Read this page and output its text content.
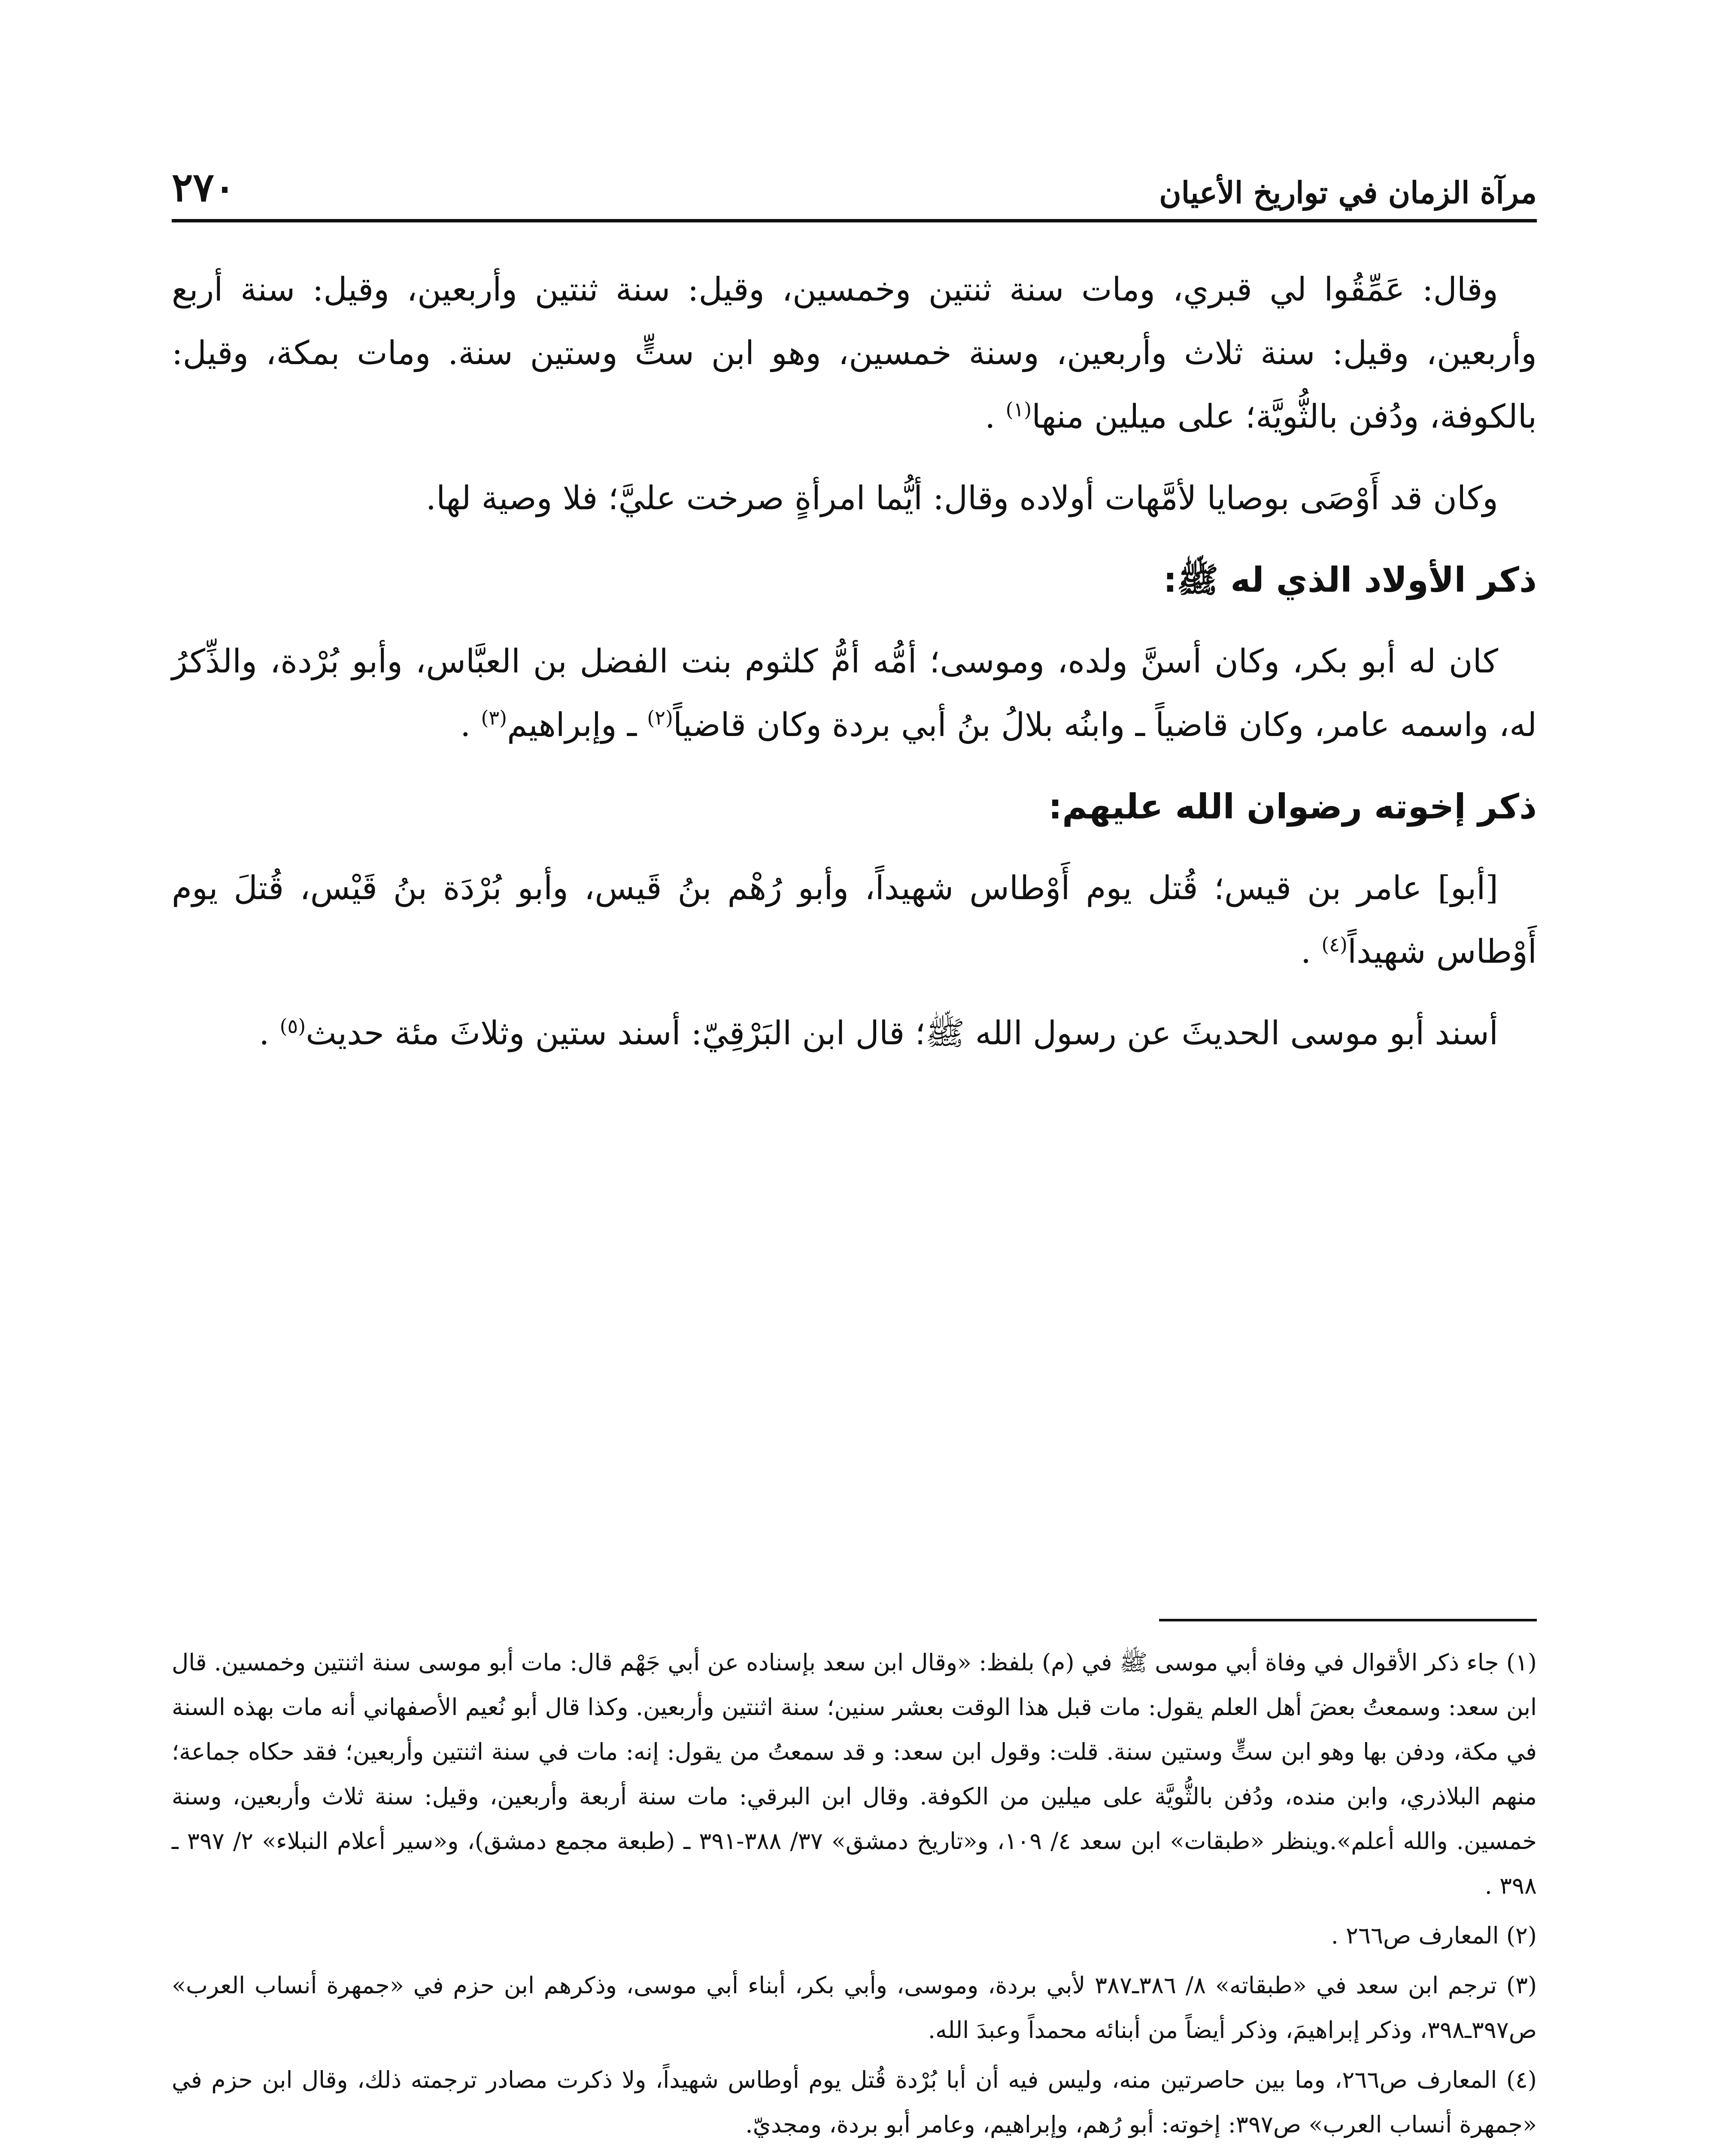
مرآة الزمان في تواريخ الأعيان
٢٧٠

وقال: عَمِّقُوا لي قبري، ومات سنة ثنتين وخمسين، وقيل: سنة ثنتين وأربعين، وقيل: سنة أربع وأربعين، وقيل: سنة ثلاث وأربعين، وسنة خمسين، وهو ابن ستٍّ وستين سنة. ومات بمكة، وقيل: بالكوفة، ودُفن بالثُّويَّة؛ على ميلين منها$^{(١)}$ .

وكان قد أَوْصَى بوصايا لأمَّهات أولاده وقال: أيُّما امرأةٍ صرخت عليَّ؛ فلا وصية لها.

ذكر الأولاد الذي له ﷺ:

كان له أبو بكر، وكان أسنَّ ولده، وموسى؛ أمُّه أمُّ كلثوم بنت الفضل بن العبَّاس، وأبو بُرْدة، والذِّكرُ له، واسمه عامر، وكان قاضياً ـ وابنُه بلالُ بنُ أبي بردة وكان قاضياً$^{(٢)}$ ـ وإبراهيم$^{(٣)}$ .

ذكر إخوته رضوان الله عليهم:

[أبو] عامر بن قيس؛ قُتل يوم أَوْطاس شهيداً، وأبو رُهْم بنُ قَيس، وأبو بُرْدَة بنُ قَيْس، قُتلَ يوم أَوْطاس شهيداً$^{(٤)}$ .

أسند أبو موسى الحديثَ عن رسول الله ﷺ؛ قال ابن البَرْقِيّ: أسند ستين وثلاثَ مئة حديث$^{(٥)}$ .

(١) جاء ذكر الأقوال في وفاة أبي موسى ﷺ في (م) بلفظ: «وقال ابن سعد بإسناده عن أبي جَهْم قال: مات أبو موسى سنة اثنتين وخمسين. قال ابن سعد: وسمعتُ بعضَ أهل العلم يقول: مات قبل هذا الوقت بعشر سنين؛ سنة اثنتين وأربعين. وكذا قال أبو نُعيم الأصفهاني أنه مات بهذه السنة في مكة، ودفن بها وهو ابن ستٍّ وستين سنة. قلت: وقول ابن سعد: و قد سمعتُ من يقول: إنه: مات في سنة اثنتين وأربعين؛ فقد حكاه جماعة؛ منهم البلاذري، وابن منده، ودُفن بالثُّويَّة على ميلين من الكوفة. وقال ابن البرقي: مات سنة أربعة وأربعين، وقيل: سنة ثلاث وأربعين، وسنة خمسين. والله أعلم».وينظر «طبقات» ابن سعد ٤/ ١٠٩، و«تاريخ دمشق» ٣٧/ ٣٨٨-٣٩١ ـ (طبعة مجمع دمشق)، و«سير أعلام النبلاء» ٢/ ٣٩٧ ـ ٣٩٨ .

(٢) المعارف ص٢٦٦ .

(٣) ترجم ابن سعد في «طبقاته» ٨/ ٣٨٦ـ٣٨٧ لأبي بردة، وموسى، وأبي بكر، أبناء أبي موسى، وذكرهم ابن حزم في «جمهرة أنساب العرب» ص٣٩٧ـ٣٩٨، وذكر إبراهيمَ، وذكر أيضاً من أبنائه محمداً وعبدَ الله.

(٤) المعارف ص٢٦٦، وما بين حاصرتين منه، وليس فيه أن أبا بُرْدة قُتل يوم أوطاس شهيداً، ولا ذكرت مصادر ترجمته ذلك، وقال ابن حزم في «جمهرة أنساب العرب» ص٣٩٧: إخوته: أبو رُهم، وإبراهيم، وعامر أبو بردة، ومجديّ.
